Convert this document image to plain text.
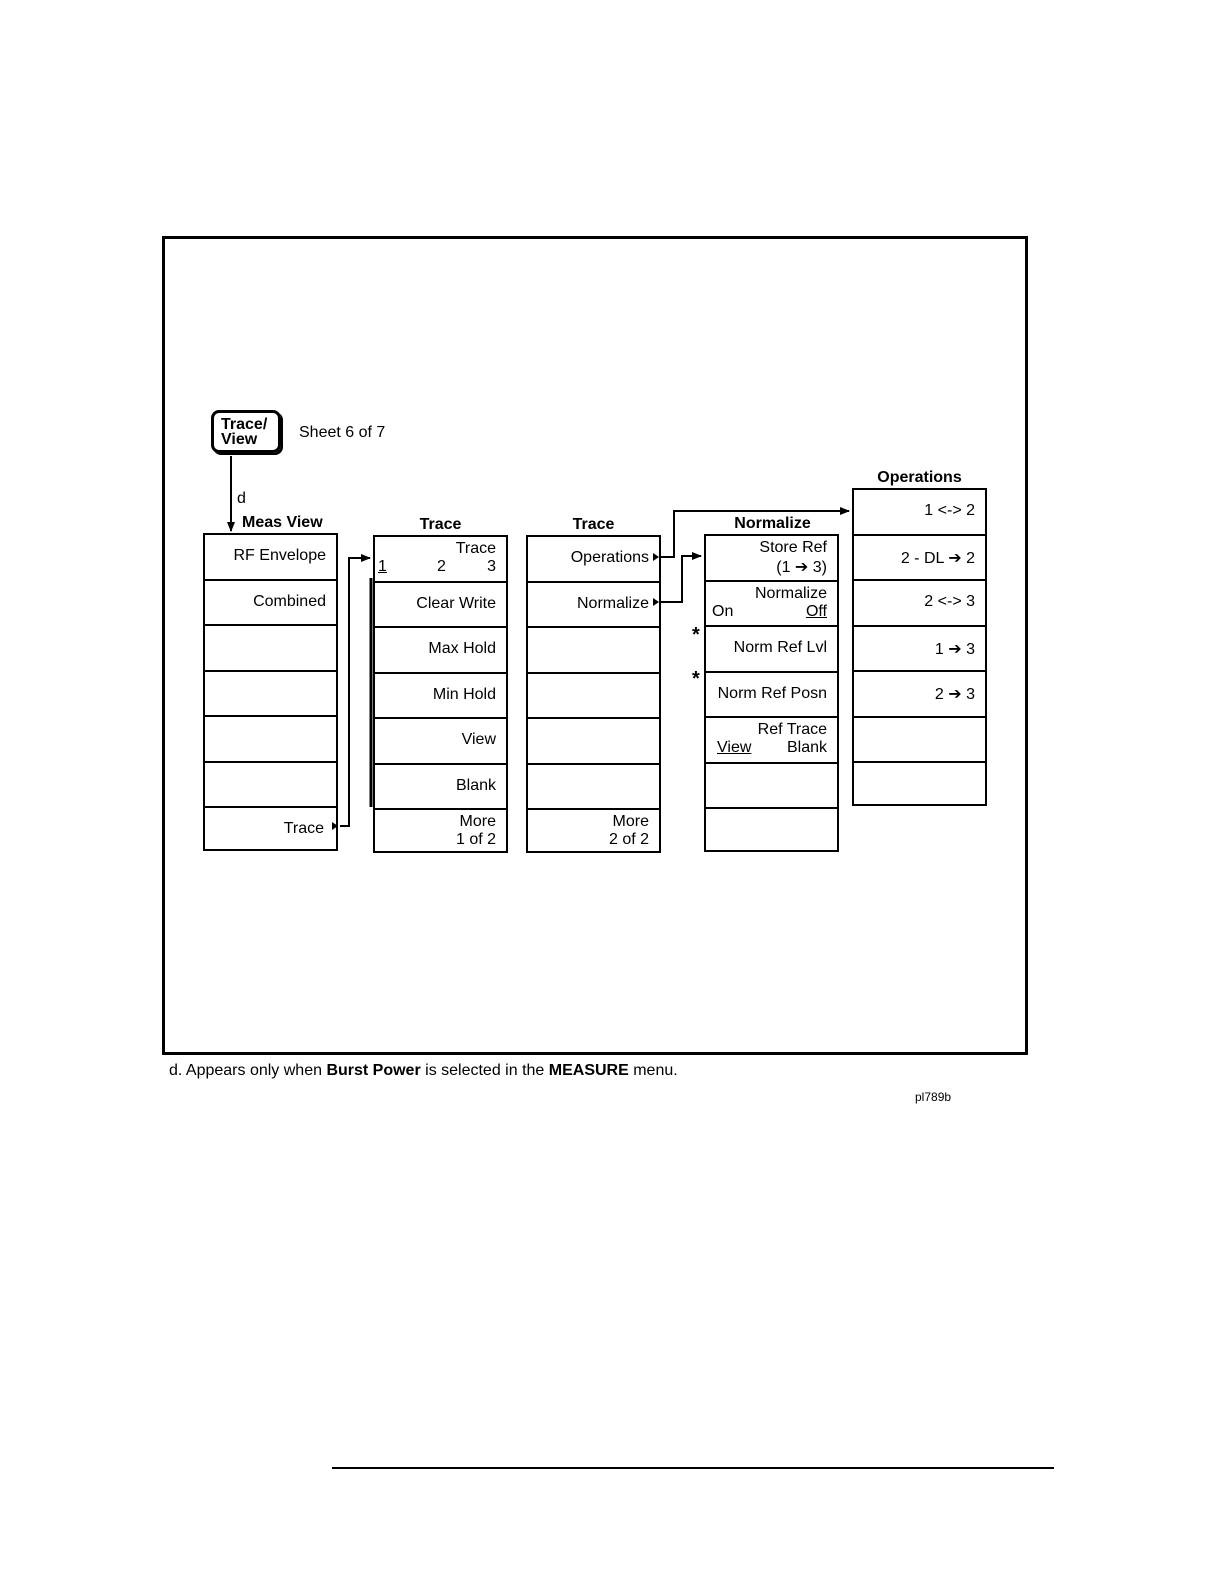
Trace/
View	Sheet 6 of 7
d
Meas View	Trace	Trace	Normalize
Operations
RF Envelope
Combined
Trace
Trace
1	2	3
Clear Write
Max Hold
Min Hold
View
Blank
More
1 of 2
Operations
Normalize
More
2 of 2
Store Ref
(1 ➔ 3)
Normalize
On	Off
Norm Ref Lvl
Norm Ref Posn
Ref Trace
View Blank
1 <-> 2
2 - DL ➔ 2
2 <-> 3
1 ➔ 3
2 ➔ 3
*
*
d. Appears only when Burst Power is selected in the MEASURE menu.
pl789b
